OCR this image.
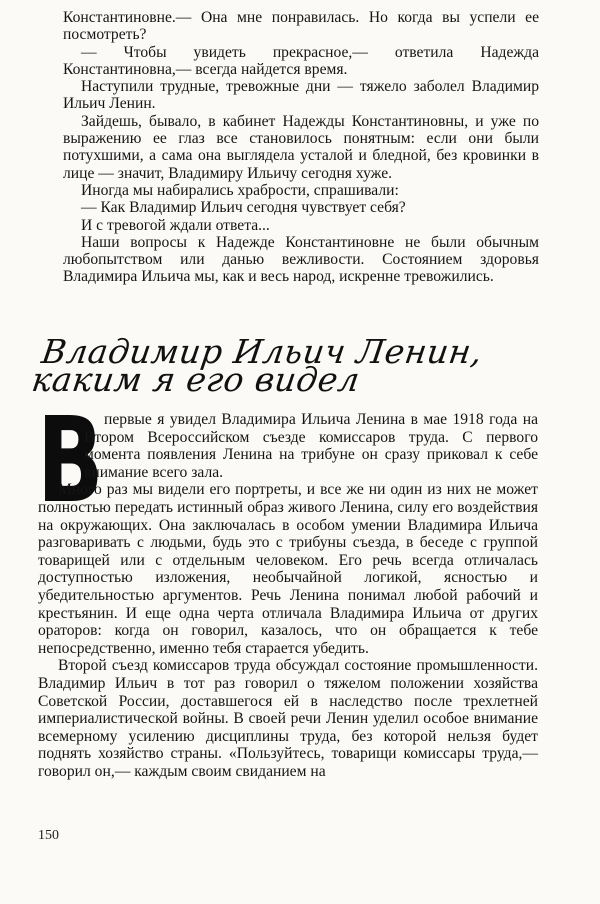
Константиновне.— Она мне понравилась. Но когда вы успели ее посмотреть?

— Чтобы увидеть прекрасное,— ответила Надежда Константиновна,— всегда найдется время.

Наступили трудные, тревожные дни — тяжело заболел Владимир Ильич Ленин.

Зайдешь, бывало, в кабинет Надежды Константиновны, и уже по выражению ее глаз все становилось понятным: если они были потухшими, а сама она выглядела усталой и бледной, без кровинки в лице — значит, Владимиру Ильичу сегодня хуже.

Иногда мы набирались храбрости, спрашивали:

— Как Владимир Ильич сегодня чувствует себя?

И с тревогой ждали ответа...

Наши вопросы к Надежде Константиновне не были обычным любопытством или данью вежливости. Состоянием здоровья Владимира Ильича мы, как и весь народ, искренне тревожились.

Владимир Ильич Ленин,
каким я его видел
В первые я увидел Владимира Ильича Ленина в мае 1918 года на Втором Всероссийском съезде комиссаров труда. С первого момента появления Ленина на трибуне он сразу приковал к себе внимание всего зала.

Много раз мы видели его портреты, и все же ни один из них не может полностью передать истинный образ живого Ленина, силу его воздействия на окружающих. Она заключалась в особом умении Владимира Ильича разговаривать с людьми, будь это с трибуны съезда, в беседе с группой товарищей или с отдельным человеком. Его речь всегда отличалась доступностью изложения, необычайной логикой, ясностью и убедительностью аргументов. Речь Ленина понимал любой рабочий и крестьянин. И еще одна черта отличала Владимира Ильича от других ораторов: когда он говорил, казалось, что он обращается к тебе непосредственно, именно тебя старается убедить.

Второй съезд комиссаров труда обсуждал состояние промышленности. Владимир Ильич в тот раз говорил о тяжелом положении хозяйства Советской России, доставшегося ей в наследство после трехлетней империалистической войны. В своей речи Ленин уделил особое внимание всемерному усилению дисциплины труда, без которой нельзя будет поднять хозяйство страны. «Пользуйтесь, товарищи комиссары труда,— говорил он,— каждым своим свиданием на

150
